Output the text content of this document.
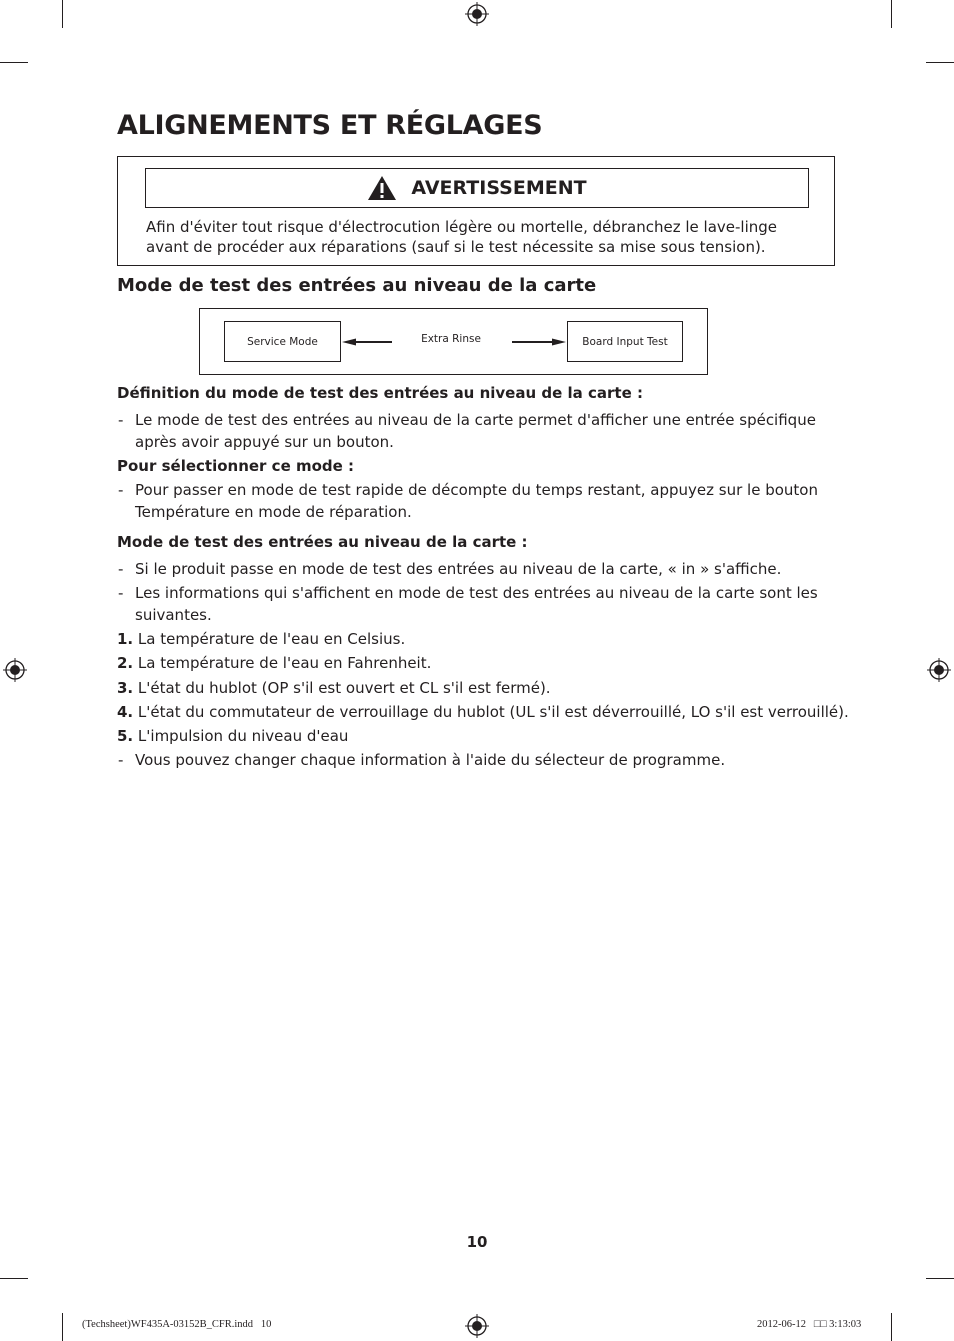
ALIGNEMENTS ET RÉGLAGES
AVERTISSEMENT
Afin d'éviter tout risque d'électrocution légère ou mortelle, débranchez le lave-linge avant de procéder aux réparations (sauf si le test nécessite sa mise sous tension).
Mode de test des entrées au niveau de la carte
Service Mode	Extra Rinse	Board Input Test
Définition du mode de test des entrées au niveau de la carte :
- Le mode de test des entrées au niveau de la carte permet d'afficher une entrée spécifique après avoir appuyé sur un bouton.
Pour sélectionner ce mode :
- Pour passer en mode de test rapide de décompte du temps restant, appuyez sur le bouton Température en mode de réparation.
Mode de test des entrées au niveau de la carte :
- Si le produit passe en mode de test des entrées au niveau de la carte, « in » s'affiche.
- Les informations qui s'affichent en mode de test des entrées au niveau de la carte sont les suivantes.
1. La température de l'eau en Celsius.
2. La température de l'eau en Fahrenheit.
3. L'état du hublot (OP s'il est ouvert et CL s'il est fermé).
4. L'état du commutateur de verrouillage du hublot (UL s'il est déverrouillé, LO s'il est verrouillé).
5. L'impulsion du niveau d'eau
- Vous pouvez changer chaque information à l'aide du sélecteur de programme.
10
(Techsheet)WF435A-03152B_CFR.indd   10	2012-06-12   □□ 3:13:03
